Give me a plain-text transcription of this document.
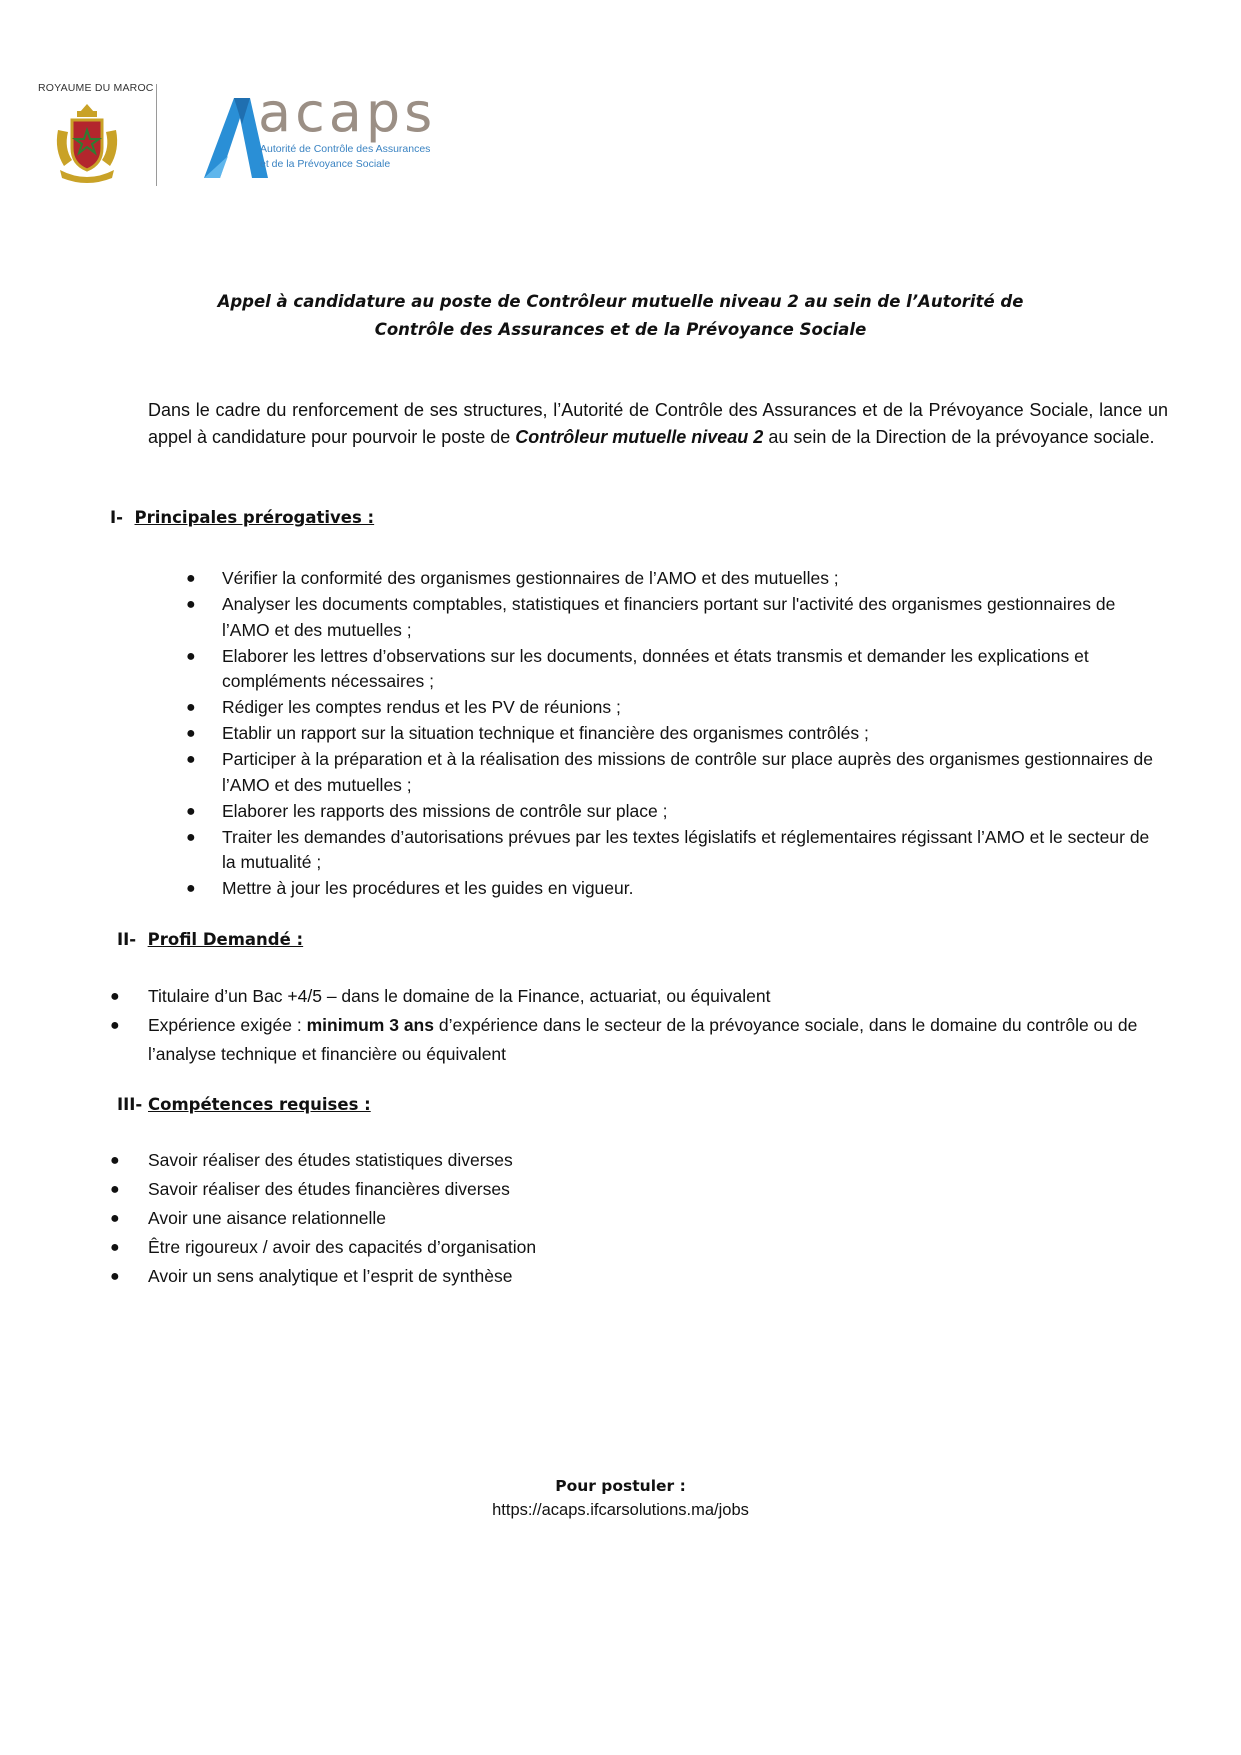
ROYAUME DU MAROC acaps
Autorité de Contrôle des Assurances
et de la Prévoyance Sociale
Appel à candidature au poste de Contrôleur mutuelle niveau 2 au sein de l’Autorité de
Contrôle des Assurances et de la Prévoyance Sociale
Dans le cadre du renforcement de ses structures, l’Autorité de Contrôle des Assurances et de la Prévoyance Sociale, lance un appel à candidature pour pourvoir le poste de Contrôleur mutuelle niveau 2 au sein de la Direction de la prévoyance sociale.
I- Principales prérogatives :
● Vérifier la conformité des organismes gestionnaires de l’AMO et des mutuelles ;
● Analyser les documents comptables, statistiques et financiers portant sur l'activité des organismes gestionnaires de l’AMO et des mutuelles ;
● Elaborer les lettres d’observations sur les documents, données et états transmis et demander les explications et compléments nécessaires ;
● Rédiger les comptes rendus et les PV de réunions ;
● Etablir un rapport sur la situation technique et financière des organismes contrôlés ;
● Participer à la préparation et à la réalisation des missions de contrôle sur place auprès des organismes gestionnaires de l’AMO et des mutuelles ;
● Elaborer les rapports des missions de contrôle sur place ;
● Traiter les demandes d’autorisations prévues par les textes législatifs et réglementaires régissant l’AMO et le secteur de la mutualité ;
● Mettre à jour les procédures et les guides en vigueur.
II- Profil Demandé :
● Titulaire d’un Bac +4/5 – dans le domaine de la Finance, actuariat, ou équivalent
● Expérience exigée : minimum 3 ans d’expérience dans le secteur de la prévoyance sociale, dans le domaine du contrôle ou de l’analyse technique et financière ou équivalent
III- Compétences requises :
● Savoir réaliser des études statistiques diverses
● Savoir réaliser des études financières diverses
● Avoir une aisance relationnelle
● Être rigoureux / avoir des capacités d’organisation
● Avoir un sens analytique et l’esprit de synthèse
Pour postuler :
https://acaps.ifcarsolutions.ma/jobs
